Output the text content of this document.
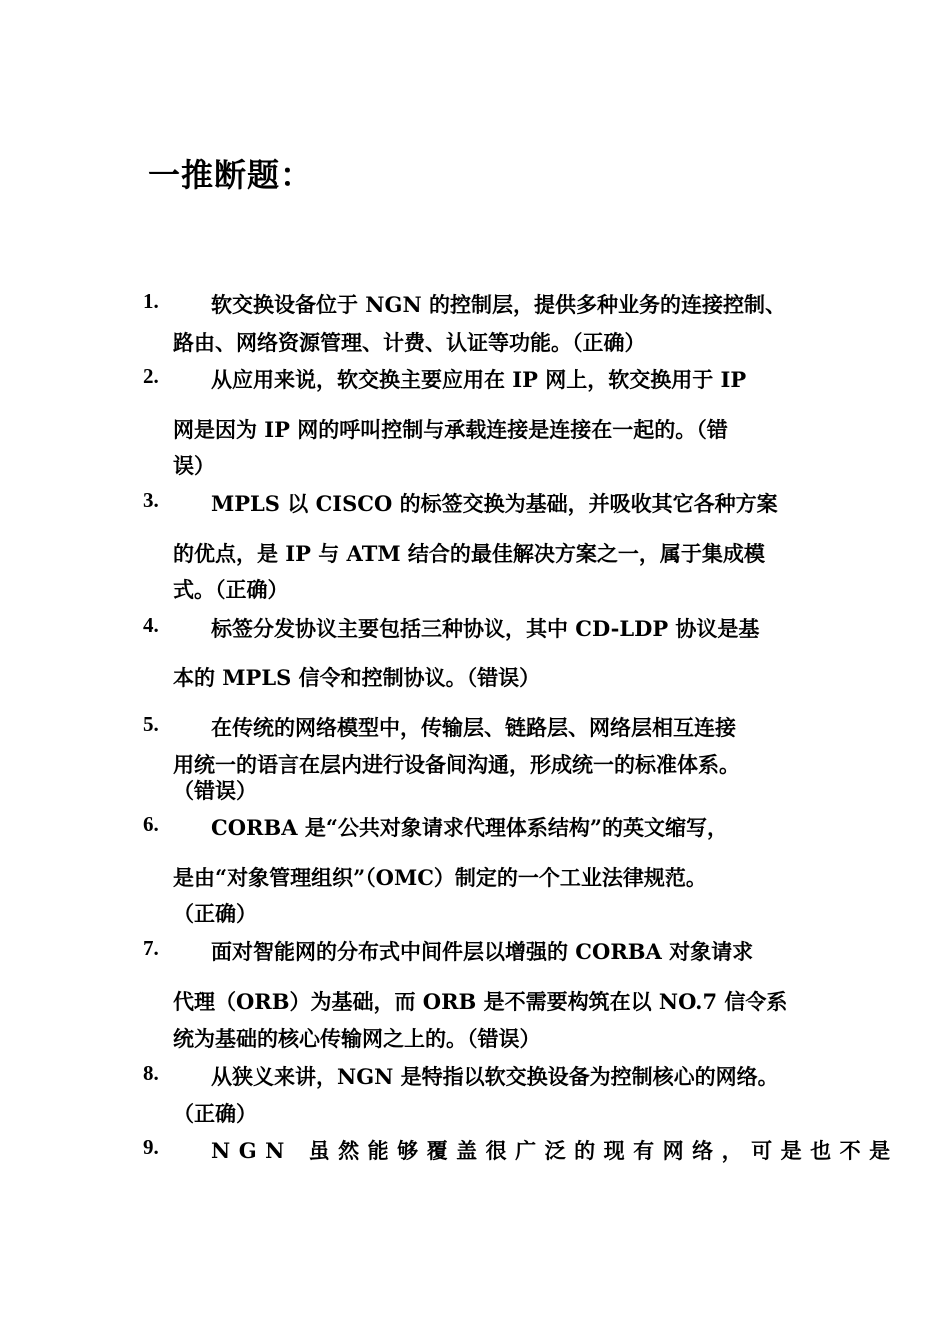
一推断题：
1. 软交换设备位于 NGN 的控制层，提供多种业务的连接控制、
路由、网络资源管理、计费、认证等功能。（正确）
2. 从应用来说，软交换主要应用在 IP 网上，软交换用于 IP
网是因为 IP 网的呼叫控制与承载连接是连接在一起的。（错
误）
3. MPLS 以 CISCO 的标签交换为基础，并吸收其它各种方案
的优点，是 IP 与 ATM 结合的最佳解决方案之一，属于集成模
式。（正确）
4. 标签分发协议主要包括三种协议，其中 CD-LDP 协议是基
本的 MPLS 信令和控制协议。（错误）
5. 在传统的网络模型中，传输层、链路层、网络层相互连接
用统一的语言在层内进行设备间沟通，形成统一的标准体系。
（错误）
6. CORBA 是“公共对象请求代理体系结构”的英文缩写，
是由“对象管理组织”（OMC）制定的一个工业法律规范。
（正确）
7. 面对智能网的分布式中间件层以增强的 CORBA 对象请求
代理（ORB）为基础，而 ORB 是不需要构筑在以 NO.7 信令系
统为基础的核心传输网之上的。（错误）
8. 从狭义来讲，NGN 是特指以软交换设备为控制核心的网络。
（正确）
9. NGN 虽然能够覆盖很广泛的现有网络，可是也不是
